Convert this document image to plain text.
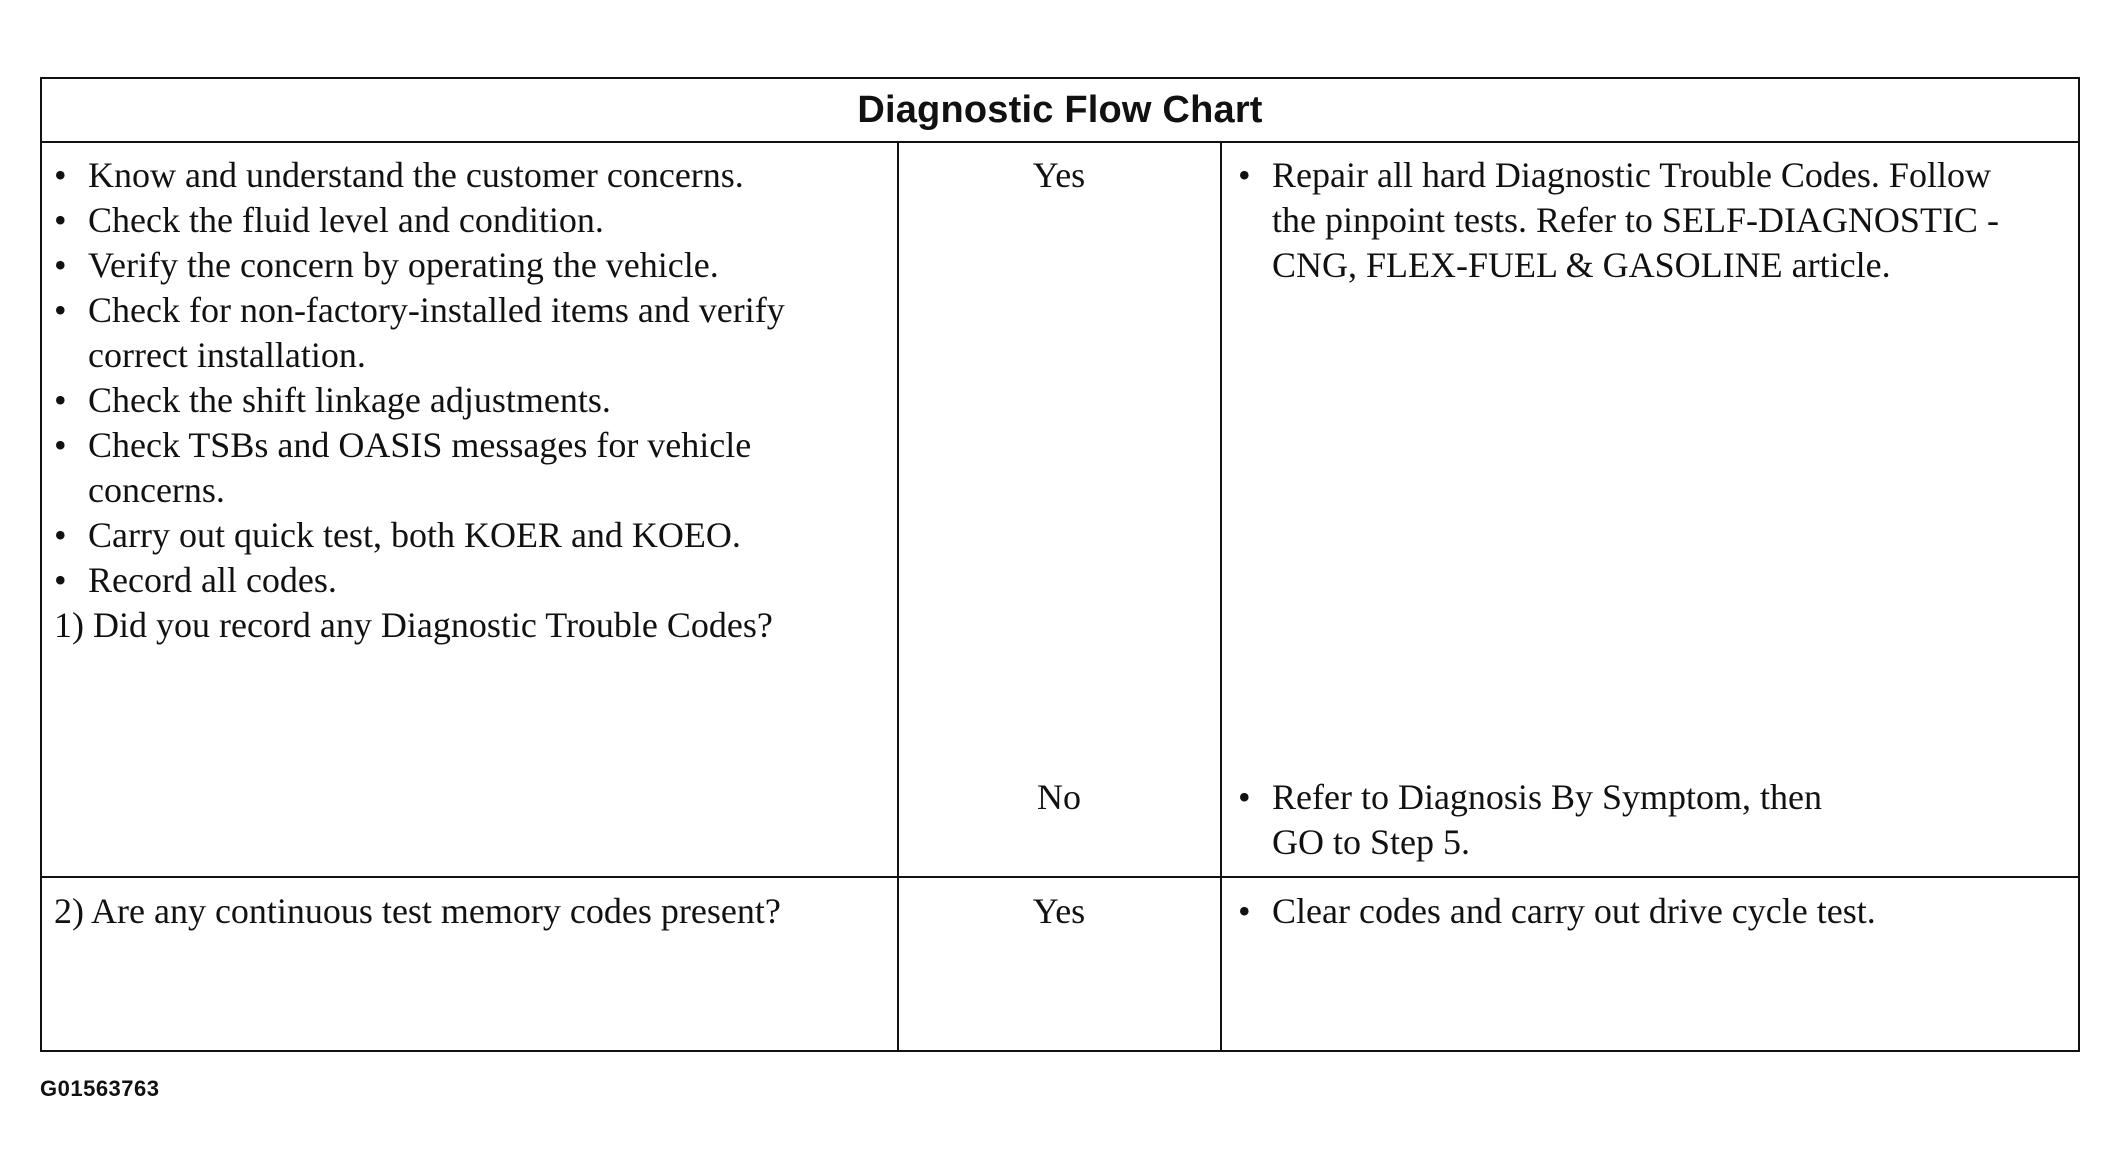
Diagnostic Flow Chart
• Know and understand the customer concerns.
• Check the fluid level and condition.
• Verify the concern by operating the vehicle.
• Check for non-factory-installed items and verify correct installation.
• Check the shift linkage adjustments.
• Check TSBs and OASIS messages for vehicle concerns.
• Carry out quick test, both KOER and KOEO.
• Record all codes.
1) Did you record any Diagnostic Trouble Codes?
Yes	• Repair all hard Diagnostic Trouble Codes. Follow the pinpoint tests. Refer to SELF-DIAGNOSTIC - CNG, FLEX-FUEL & GASOLINE article.
No	• Refer to Diagnosis By Symptom, then GO to Step 5.
2) Are any continuous test memory codes present?	Yes	• Clear codes and carry out drive cycle test.
G01563763
